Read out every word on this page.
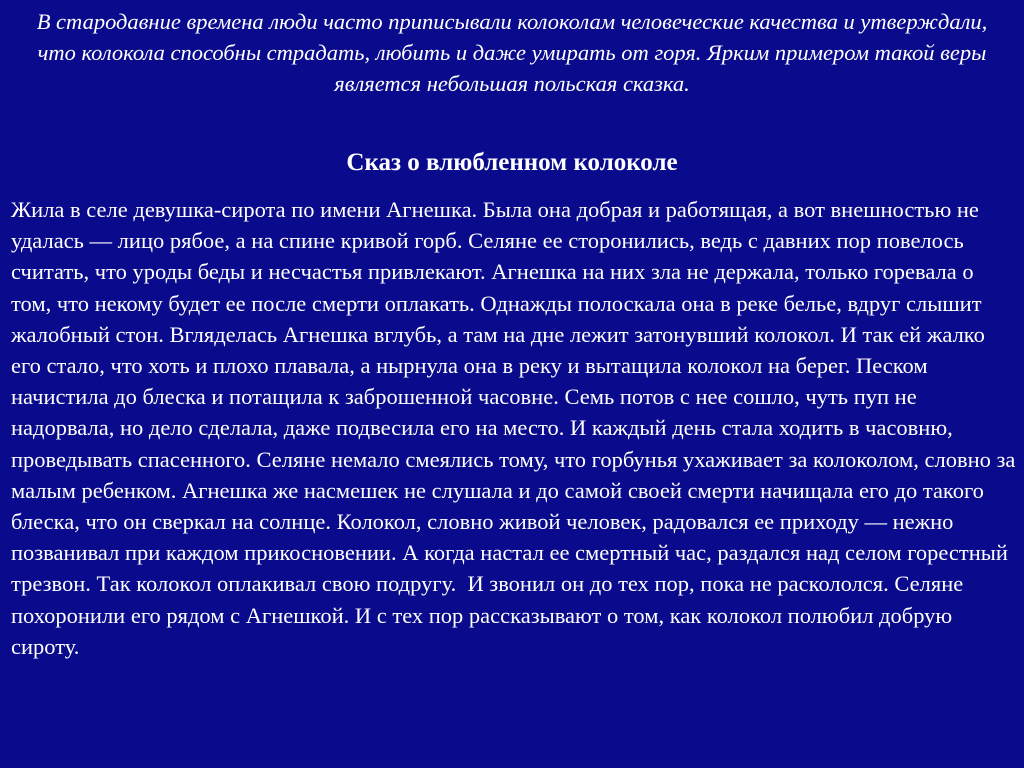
В стародавние времена люди часто приписывали колоколам человеческие качества и утверждали, что колокола способны страдать, любить и даже умирать от горя. Ярким примером такой веры является небольшая польская сказка.

Сказ о влюбленном колоколе

Жила в селе девушка-сирота по имени Агнешка. Была она добрая и работящая, а вот внешностью не удалась — лицо рябое, а на спине кривой горб. Селяне ее сторонились, ведь с давних пор повелось считать, что уроды беды и несчастья привлекают. Агнешка на них зла не держала, только горевала о том, что некому будет ее после смерти оплакать. Однажды полоскала она в реке белье, вдруг слышит жалобный стон. Вгляделась Агнешка вглубь, а там на дне лежит затонувший колокол. И так ей жалко его стало, что хоть и плохо плавала, а нырнула она в реку и вытащила колокол на берег. Песком начистила до блеска и потащила к заброшенной часовне. Семь потов с нее сошло, чуть пуп не надорвала, но дело сделала, даже подвесила его на место. И каждый день стала ходить в часовню, проведывать спасенного. Селяне немало смеялись тому, что горбунья ухаживает за колоколом, словно за малым ребенком. Агнешка же насмешек не слушала и до самой своей смерти начищала его до такого блеска, что он сверкал на солнце. Колокол, словно живой человек, радовался ее приходу — нежно позванивал при каждом прикосновении. А когда настал ее смертный час, раздался над селом горестный трезвон. Так колокол оплакивал свою подругу.  И звонил он до тех пор, пока не раскололся. Селяне похоронили его рядом с Агнешкой. И с тех пор рассказывают о том, как колокол полюбил добрую сироту.
